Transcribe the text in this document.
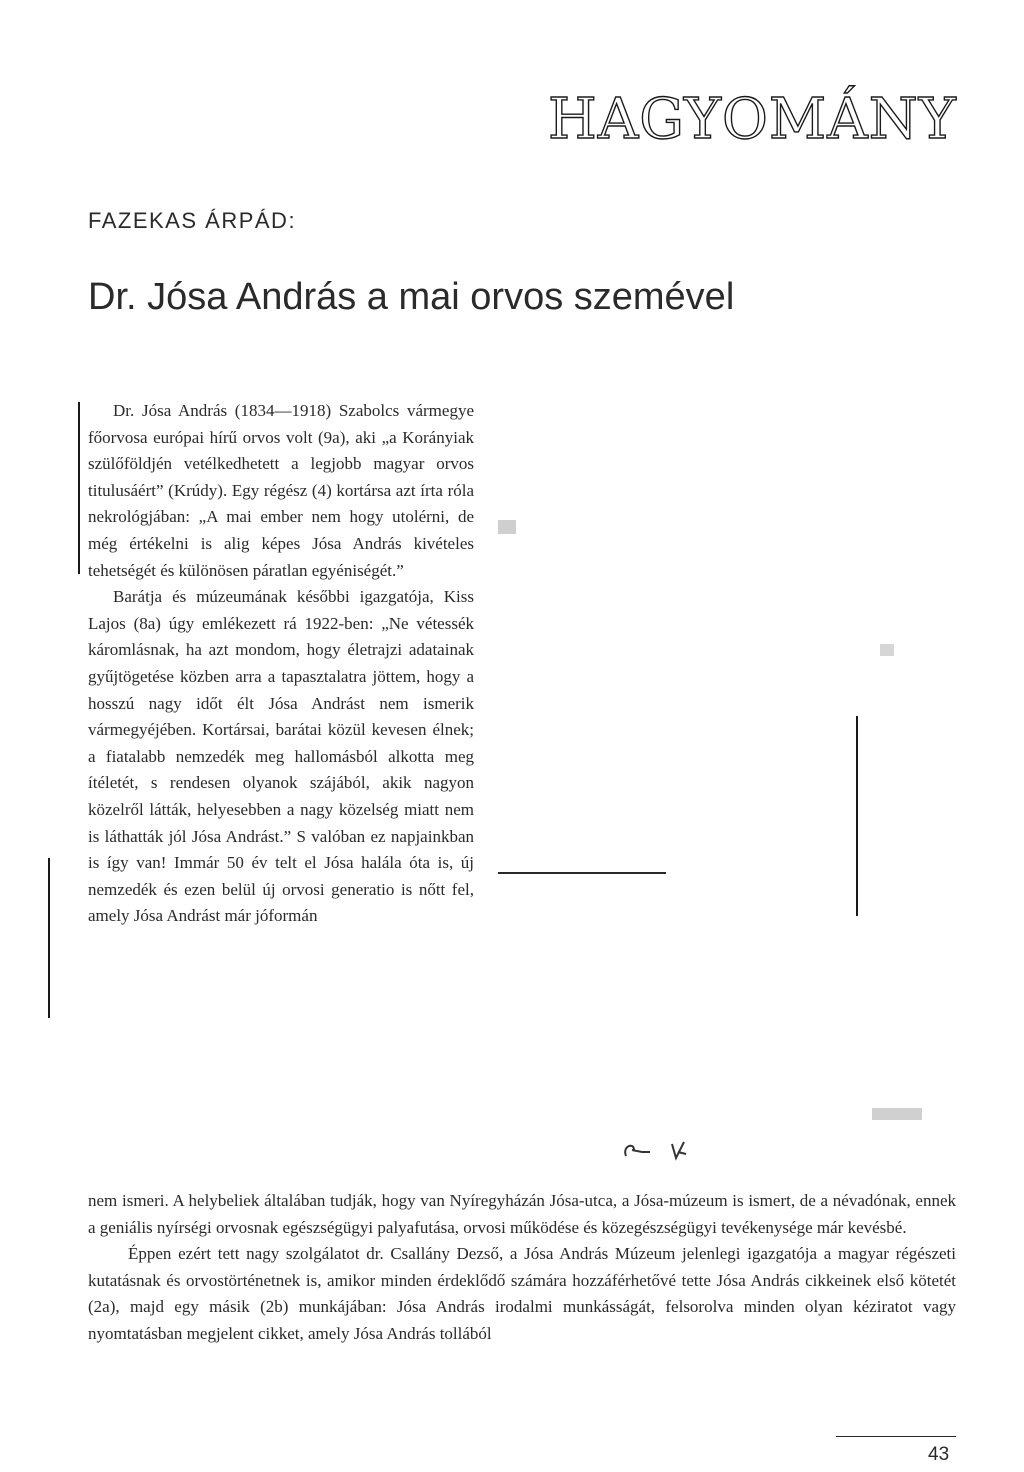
HAGYOMÁNY
FAZEKAS ÁRPÁD:
Dr. Jósa András a mai orvos szemével

Dr. Jósa András (1834—1918) Szabolcs vármegye főorvosa európai hírű orvos volt (9a), aki „a Korányiak szülőföldjén vetélkedhetett a legjobb magyar orvos titulusáért” (Krúdy). Egy régész (4) kortársa azt írta róla nekrológjában: „A mai ember nem hogy utolérni, de még értékelni is alig képes Jósa András kivételes tehetségét és különösen páratlan egyéniségét.”

Barátja és múzeumának későbbi igazgatója, Kiss Lajos (8a) úgy emlékezett rá 1922-ben: „Ne vétessék káromlásnak, ha azt mondom, hogy életrajzi adatainak gyűjtögetése közben arra a tapasztalatra jöttem, hogy a hosszú nagy időt élt Jósa Andrást nem ismerik vármegyéjében. Kortársai, barátai közül kevesen élnek; a fiatalabb nemzedék meg hallomásból alkotta meg ítéletét, s rendesen olyanok szájából, akik nagyon közelről látták, helyesebben a nagy közelség miatt nem is láthatták jól Jósa Andrást.” S valóban ez napjainkban is így van! Immár 50 év telt el Jósa halála óta is, új nemzedék és ezen belül új orvosi generatio is nőtt fel, amely Jósa Andrást már jóformán

nem ismeri. A helybeliek általában tudják, hogy van Nyíregyházán Jósa-utca, a Jósa-múzeum is ismert, de a névadónak, ennek a geniális nyírségi orvosnak egészségügyi palyafutása, orvosi működése és közegészségügyi tevékenysége már kevésbé.

Éppen ezért tett nagy szolgálatot dr. Csallány Dezső, a Jósa András Múzeum jelenlegi igazgatója a magyar régészeti kutatásnak és orvostörténetnek is, amikor minden érdeklődő számára hozzáférhetővé tette Jósa András cikkeinek első kötetét (2a), majd egy másik (2b) munkájában: Jósa András irodalmi munkásságát, felsorolva minden olyan kéziratot vagy nyomtatásban megjelent cikket, amely Jósa András tollából

43
